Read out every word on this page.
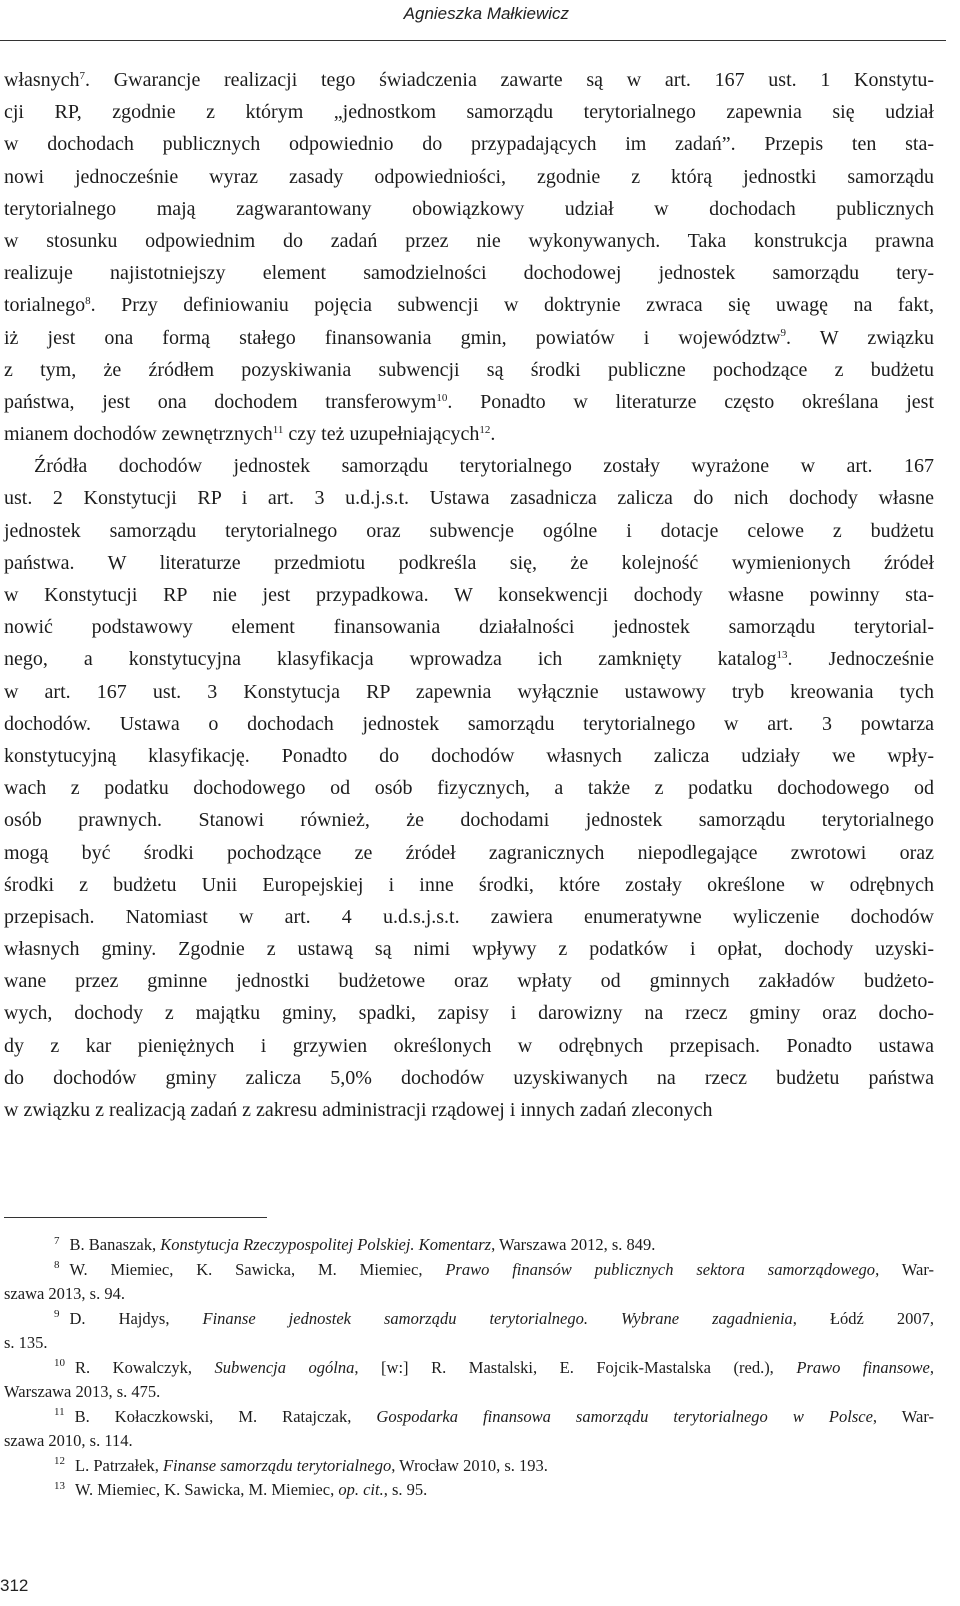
Agnieszka Małkiewicz
własnych$^7$. Gwarancje realizacji tego świadczenia zawarte są w art. 167 ust. 1 Konstytu-
cji RP, zgodnie z którym „jednostkom samorządu terytorialnego zapewnia się udział
w dochodach publicznych odpowiednio do przypadających im zadań”. Przepis ten sta-
nowi jednocześnie wyraz zasady odpowiedniości, zgodnie z którą jednostki samorządu
terytorialnego mają zagwarantowany obowiązkowy udział w dochodach publicznych
w stosunku odpowiednim do zadań przez nie wykonywanych. Taka konstrukcja prawna
realizuje najistotniejszy element samodzielności dochodowej jednostek samorządu tery-
torialnego$^8$. Przy definiowaniu pojęcia subwencji w doktrynie zwraca się uwagę na fakt,
iż jest ona formą stałego finansowania gmin, powiatów i województw$^9$. W związku
z tym, że źródłem pozyskiwania subwencji są środki publiczne pochodzące z budżetu
państwa, jest ona dochodem transferowym$^{10}$. Ponadto w literaturze często określana jest
mianem dochodów zewnętrznych$^{11}$ czy też uzupełniających$^{12}$.
Źródła dochodów jednostek samorządu terytorialnego zostały wyrażone w art. 167
ust. 2 Konstytucji RP i art. 3 u.d.j.s.t. Ustawa zasadnicza zalicza do nich dochody własne
jednostek samorządu terytorialnego oraz subwencje ogólne i dotacje celowe z budżetu
państwa. W literaturze przedmiotu podkreśla się, że kolejność wymienionych źródeł
w Konstytucji RP nie jest przypadkowa. W konsekwencji dochody własne powinny sta-
nowić podstawowy element finansowania działalności jednostek samorządu terytorial-
nego, a konstytucyjna klasyfikacja wprowadza ich zamknięty katalog$^{13}$. Jednocześnie
w art. 167 ust. 3 Konstytucja RP zapewnia wyłącznie ustawowy tryb kreowania tych
dochodów. Ustawa o dochodach jednostek samorządu terytorialnego w art. 3 powtarza
konstytucyjną klasyfikację. Ponadto do dochodów własnych zalicza udziały we wpły-
wach z podatku dochodowego od osób fizycznych, a także z podatku dochodowego od
osób prawnych. Stanowi również, że dochodami jednostek samorządu terytorialnego
mogą być środki pochodzące ze źródeł zagranicznych niepodlegające zwrotowi oraz
środki z budżetu Unii Europejskiej i inne środki, które zostały określone w odrębnych
przepisach. Natomiast w art. 4 u.d.s.j.s.t. zawiera enumeratywne wyliczenie dochodów
własnych gminy. Zgodnie z ustawą są nimi wpływy z podatków i opłat, dochody uzyski-
wane przez gminne jednostki budżetowe oraz wpłaty od gminnych zakładów budżeto-
wych, dochody z majątku gminy, spadki, zapisy i darowizny na rzecz gminy oraz docho-
dy z kar pieniężnych i grzywien określonych w odrębnych przepisach. Ponadto ustawa
do dochodów gminy zalicza 5,0% dochodów uzyskiwanych na rzecz budżetu państwa
w związku z realizacją zadań z zakresu administracji rządowej i innych zadań zleconych
$^7$ B. Banaszak, Konstytucja Rzeczypospolitej Polskiej. Komentarz, Warszawa 2012, s. 849.
$^8$ W. Miemiec, K. Sawicka, M. Miemiec, Prawo finansów publicznych sektora samorządowego, War-
szawa 2013, s. 94.
$^9$ D. Hajdys, Finanse jednostek samorządu terytorialnego. Wybrane zagadnienia, Łódź 2007,
s. 135.
$^{10}$ R. Kowalczyk, Subwencja ogólna, [w:] R. Mastalski, E. Fojcik-Mastalska (red.), Prawo finansowe,
Warszawa 2013, s. 475.
$^{11}$ B. Kołaczkowski, M. Ratajczak, Gospodarka finansowa samorządu terytorialnego w Polsce, War-
szawa 2010, s. 114.
$^{12}$ L. Patrzałek, Finanse samorządu terytorialnego, Wrocław 2010, s. 193.
$^{13}$ W. Miemiec, K. Sawicka, M. Miemiec, op. cit., s. 95.
312
